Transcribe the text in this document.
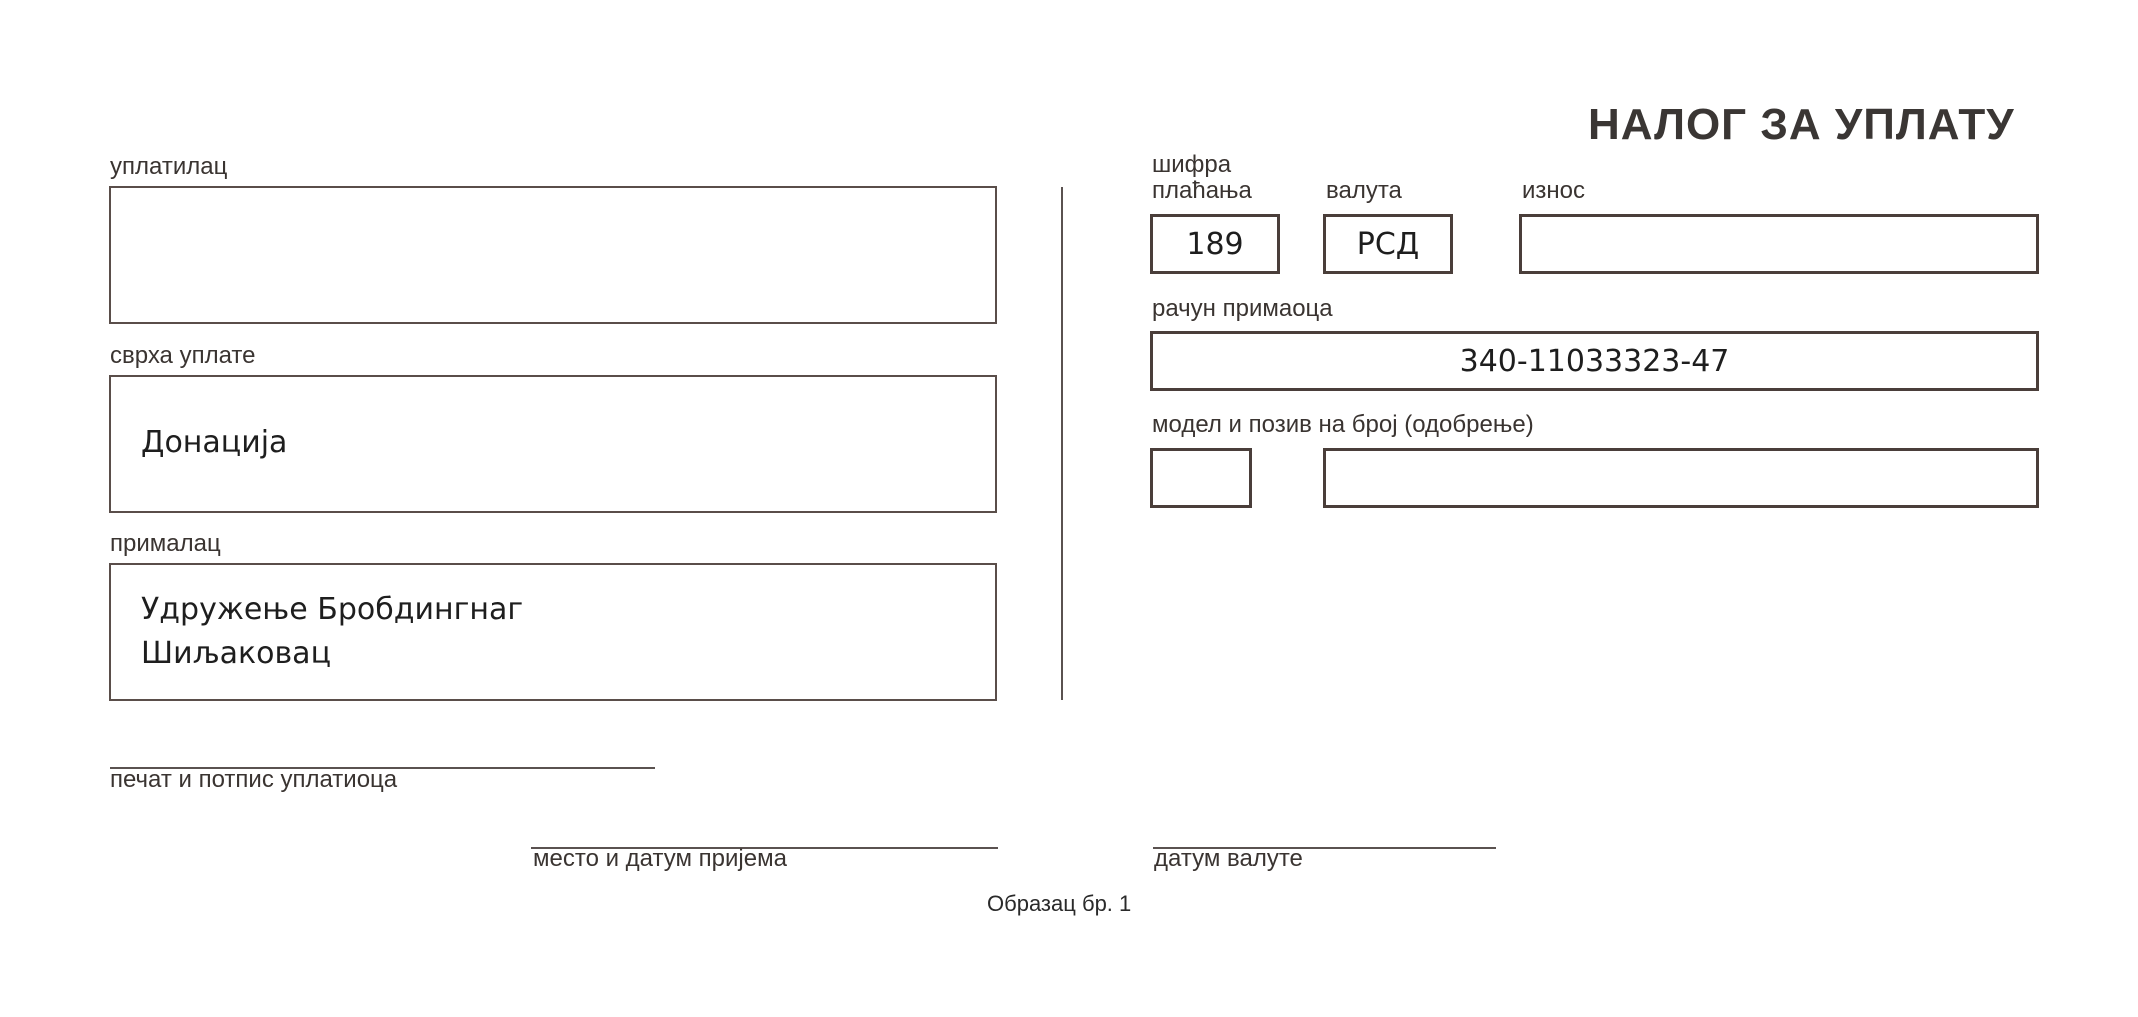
НАЛОГ ЗА УПЛАТУ
уплатилац
сврха уплате
Донација
прималац
Удружење Бробдингнаг
Шиљаковац
шифра
плаћања
189
валута
РСД
износ
рачун примаоца
340-11033323-47
модел и позив на број (одобрење)
печат и потпис уплатиоца
место и датум пријема	датум валуте
Образац бр. 1
